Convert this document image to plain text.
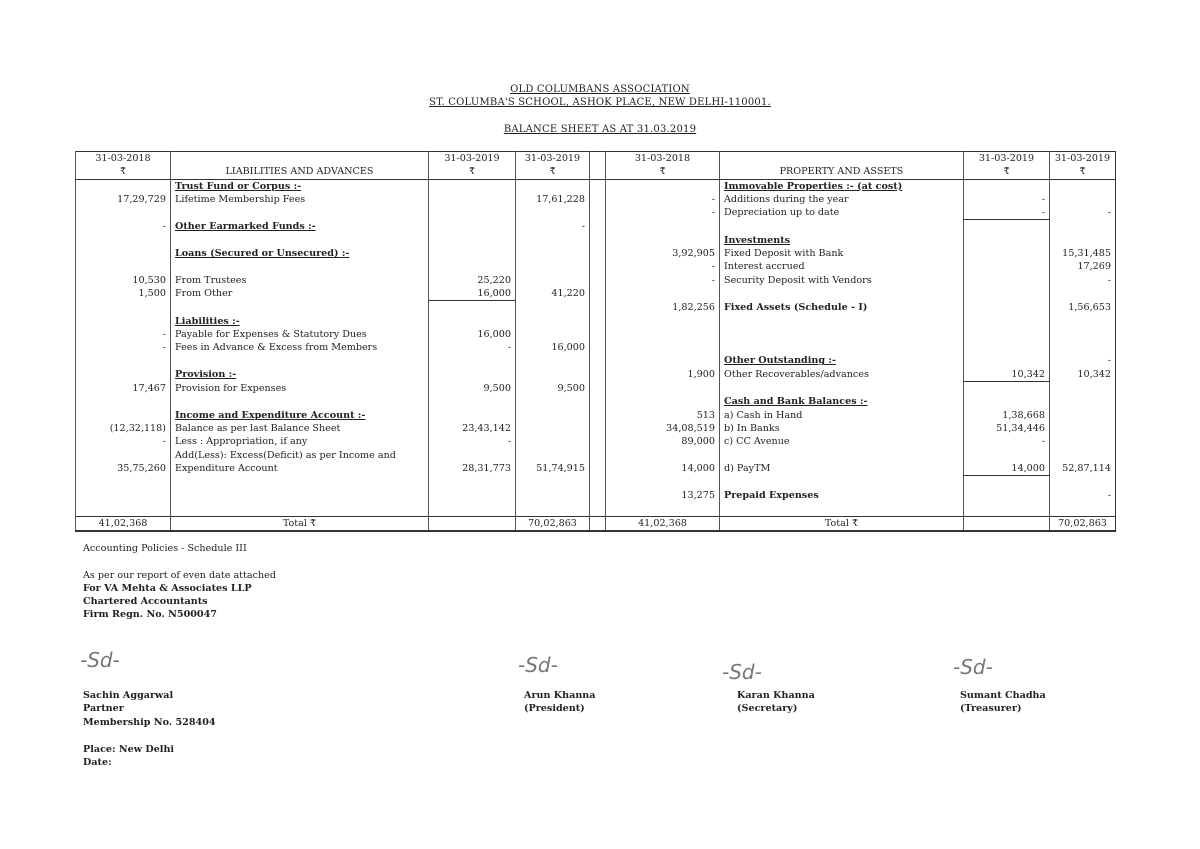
OLD COLUMBANS ASSOCIATION
ST. COLUMBA'S SCHOOL, ASHOK PLACE, NEW DELHI-110001.
BALANCE SHEET AS AT 31.03.2019
31-03-2018		31-03-2019	31-03-2019		31-03-2018		31-03-2019	31-03-2019
₹	LIABILITIES AND ADVANCES	₹	₹		₹	PROPERTY AND ASSETS	₹	₹
	Trust Fund or Corpus :-					Immovable Properties :- (at cost)		
17,29,729	Lifetime Membership Fees		17,61,228		-	Additions during the year	-	
					-	Depreciation up to date	-	-
-	Other Earmarked Funds :-		-					
						Investments		
	Loans (Secured or Unsecured) :-				3,92,905	Fixed Deposit with Bank		15,31,485
					-	Interest accrued		17,269
10,530	From Trustees	25,220			-	Security Deposit with Vendors		-
1,500	From Other	16,000	41,220					
					1,82,256	Fixed Assets (Schedule - I)		1,56,653
	Liabilities :-							
-	Payable for Expenses & Statutory Dues	16,000						
-	Fees in Advance & Excess from Members	-	16,000					
						Other Outstanding :-		-
	Provision :-				1,900	Other Recoverables/advances	10,342	10,342
17,467	Provision for Expenses	9,500	9,500					
						Cash and Bank Balances :-		
	Income and Expenditure Account :-				513	a) Cash in Hand	1,38,668	
(12,32,118)	Balance as per last Balance Sheet	23,43,142			34,08,519	b) In Banks	51,34,446	
-	Less : Appropriation, if any	-			89,000	c) CC Avenue	-	
	Add(Less): Excess(Deficit) as per Income and							
35,75,260	Expenditure Account	28,31,773	51,74,915		14,000	d) PayTM	14,000	52,87,114

					13,275	Prepaid Expenses		-

41,02,368	Total ₹		70,02,863		41,02,368	Total ₹		70,02,863
Accounting Policies - Schedule III
As per our report of even date attached
For VA Mehta & Associates LLP
Chartered Accountants
Firm Regn. No. N500047
-Sd-	-Sd-	-Sd-	-Sd-
Sachin Aggarwal
Partner
Membership No. 528404
Arun Khanna
(President)
Karan Khanna
(Secretary)
Sumant Chadha
(Treasurer)
Place: New Delhi
Date:
